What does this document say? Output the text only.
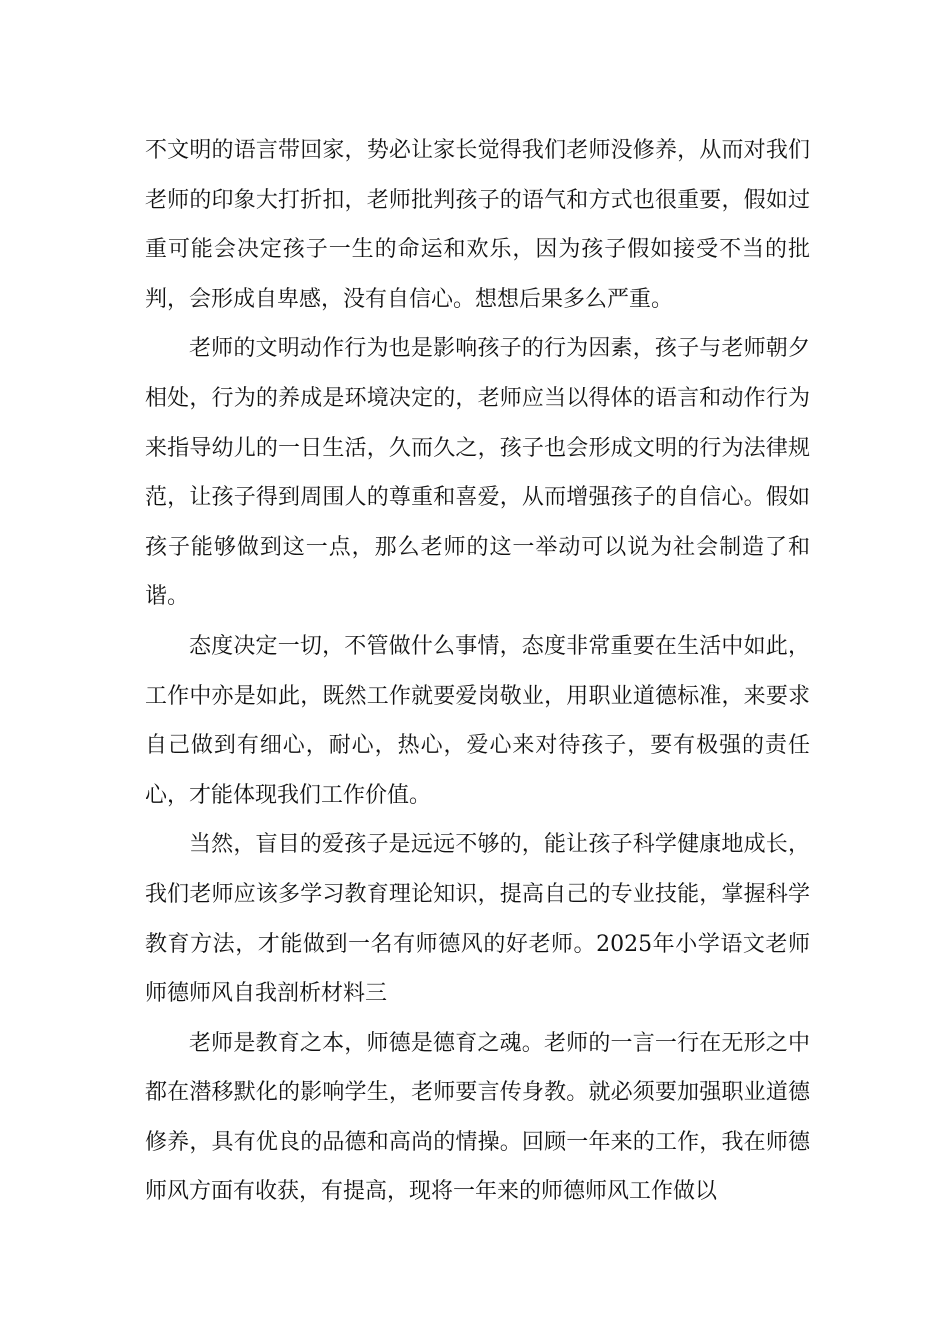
不文明的语言带回家，势必让家长觉得我们老师没修养，从而对我们老师的印象大打折扣，老师批判孩子的语气和方式也很重要，假如过重可能会决定孩子一生的命运和欢乐，因为孩子假如接受不当的批判，会形成自卑感，没有自信心。想想后果多么严重。

老师的文明动作行为也是影响孩子的行为因素，孩子与老师朝夕相处，行为的养成是环境决定的，老师应当以得体的语言和动作行为来指导幼儿的一日生活，久而久之，孩子也会形成文明的行为法律规范，让孩子得到周围人的尊重和喜爱，从而增强孩子的自信心。假如孩子能够做到这一点，那么老师的这一举动可以说为社会制造了和谐。

态度决定一切，不管做什么事情，态度非常重要在生活中如此，工作中亦是如此，既然工作就要爱岗敬业，用职业道德标准，来要求自己做到有细心，耐心，热心，爱心来对待孩子，要有极强的责任心，才能体现我们工作价值。

当然，盲目的爱孩子是远远不够的，能让孩子科学健康地成长，我们老师应该多学习教育理论知识，提高自己的专业技能，掌握科学教育方法，才能做到一名有师德风的好老师。2025年小学语文老师师德师风自我剖析材料三

老师是教育之本，师德是德育之魂。老师的一言一行在无形之中都在潜移默化的影响学生，老师要言传身教。就必须要加强职业道德修养，具有优良的品德和高尚的情操。回顾一年来的工作，我在师德师风方面有收获，有提高，现将一年来的师德师风工作做以
